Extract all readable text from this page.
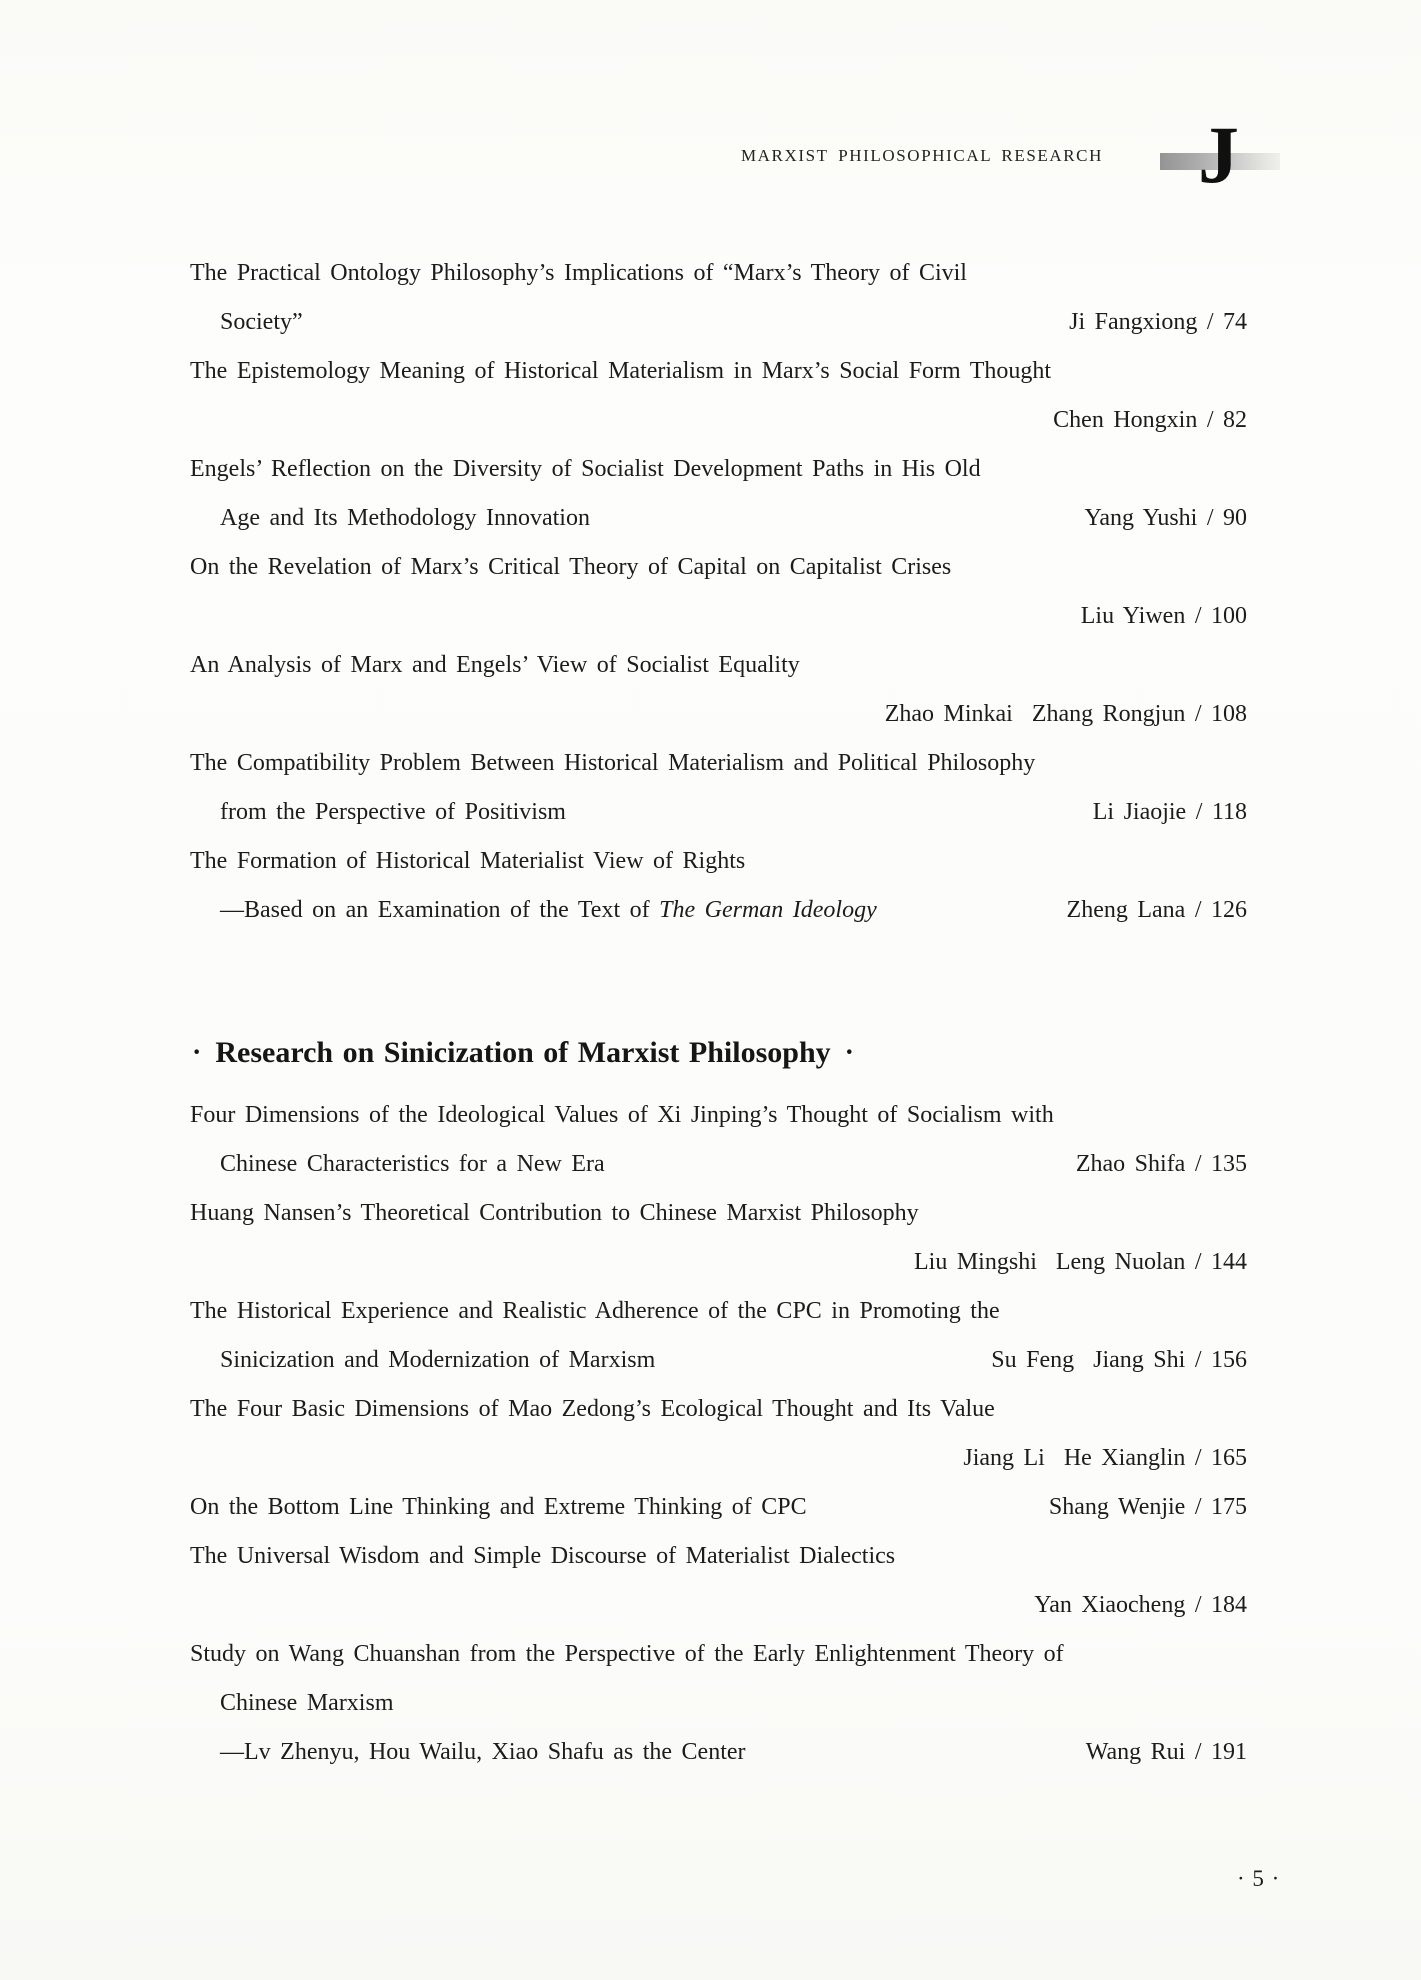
MARXIST PHILOSOPHICAL RESEARCH J
The Practical Ontology Philosophy’s Implications of “Marx’s Theory of Civil
Society”	Ji Fangxiong / 74
The Epistemology Meaning of Historical Materialism in Marx’s Social Form Thought
Chen Hongxin / 82
Engels’ Reflection on the Diversity of Socialist Development Paths in His Old
Age and Its Methodology Innovation	Yang Yushi / 90
On the Revelation of Marx’s Critical Theory of Capital on Capitalist Crises
Liu Yiwen / 100
An Analysis of Marx and Engels’ View of Socialist Equality
Zhao Minkai  Zhang Rongjun / 108
The Compatibility Problem Between Historical Materialism and Political Philosophy
from the Perspective of Positivism	Li Jiaojie / 118
The Formation of Historical Materialist View of Rights
—Based on an Examination of the Text of The German Ideology	Zheng Lana / 126
· Research on Sinicization of Marxist Philosophy ·
Four Dimensions of the Ideological Values of Xi Jinping’s Thought of Socialism with
Chinese Characteristics for a New Era	Zhao Shifa / 135
Huang Nansen’s Theoretical Contribution to Chinese Marxist Philosophy
Liu Mingshi  Leng Nuolan / 144
The Historical Experience and Realistic Adherence of the CPC in Promoting the
Sinicization and Modernization of Marxism	Su Feng  Jiang Shi / 156
The Four Basic Dimensions of Mao Zedong’s Ecological Thought and Its Value
Jiang Li  He Xianglin / 165
On the Bottom Line Thinking and Extreme Thinking of CPC	Shang Wenjie / 175
The Universal Wisdom and Simple Discourse of Materialist Dialectics
Yan Xiaocheng / 184
Study on Wang Chuanshan from the Perspective of the Early Enlightenment Theory of
Chinese Marxism
—Lv Zhenyu, Hou Wailu, Xiao Shafu as the Center	Wang Rui / 191
· 5 ·
